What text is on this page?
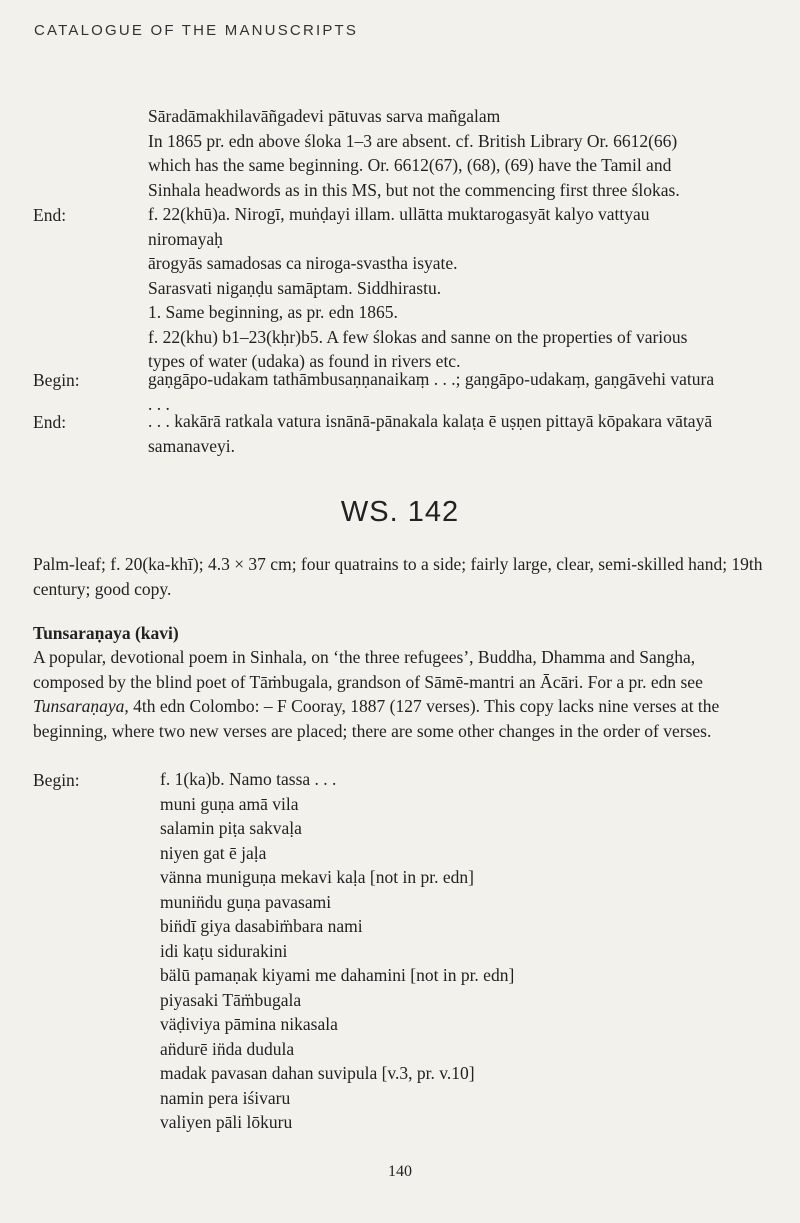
CATALOGUE OF THE MANUSCRIPTS
Sāradāmakhilavāñgadevi pātuvas sarva mañgalam
In 1865 pr. edn above śloka 1–3 are absent. cf. British Library Or. 6612(66)
which has the same beginning. Or. 6612(67), (68), (69) have the Tamil and
Sinhala headwords as in this MS, but not the commencing first three ślokas.
End:	f. 22(khū)a. Nirogī, muṅḍayi illam. ullātta muktarogasyāt kalyo vattyau
niromayaḥ
ārogyās samadosas ca niroga-svastha isyate.
Sarasvati nigaṇḍu samāptam. Siddhirastu.
1. Same beginning, as pr. edn 1865.
f. 22(khu) b1–23(kḥr)b5. A few ślokas and sanne on the properties of various
types of water (udaka) as found in rivers etc.
Begin:	gaṇgāpo-udakam tathāmbusaṇṇanaikaṃ . . .; gaṇgāpo-udakaṃ, gaṇgāvehi vatura
. . .
End:	. . . kakārā ratkala vatura isnānā-pānakala kalaṭa ē uṣṇen pittayā kōpakara vātayā
samanaveyi.
WS. 142
Palm-leaf; f. 20(ka-khī); 4.3 × 37 cm; four quatrains to a side; fairly large, clear, semi-skilled hand; 19th century; good copy.
Tunsaraṇaya (kavi)
A popular, devotional poem in Sinhala, on ‘the three refugees’, Buddha, Dhamma and Sangha, composed by the blind poet of Tāṁbugala, grandson of Sāmē-mantri an Ācāri. For a pr. edn see Tunsaraṇaya, 4th edn Colombo: – F Cooray, 1887 (127 verses). This copy lacks nine verses at the beginning, where two new verses are placed; there are some other changes in the order of verses.
Begin:	f. 1(ka)b. Namo tassa . . .
muni guṇa amā vila
salamin piṭa sakvaḷa
niyen gat ē jaḷa
vänna muniguṇa mekavi kaḷa [not in pr. edn]
munin̈du guṇa pavasami
bin̈dī giya dasabim̈bara nami
idi kaṭu sidurakini
bälū pamaṇak kiyami me dahamini [not in pr. edn]
piyasaki Tām̈bugala
väḍiviya pāmina nikasala
an̈durē in̈da dudula
madak pavasan dahan suvipula [v.3, pr. v.10]
namin pera iśivaru
valiyen pāli lōkuru
140
